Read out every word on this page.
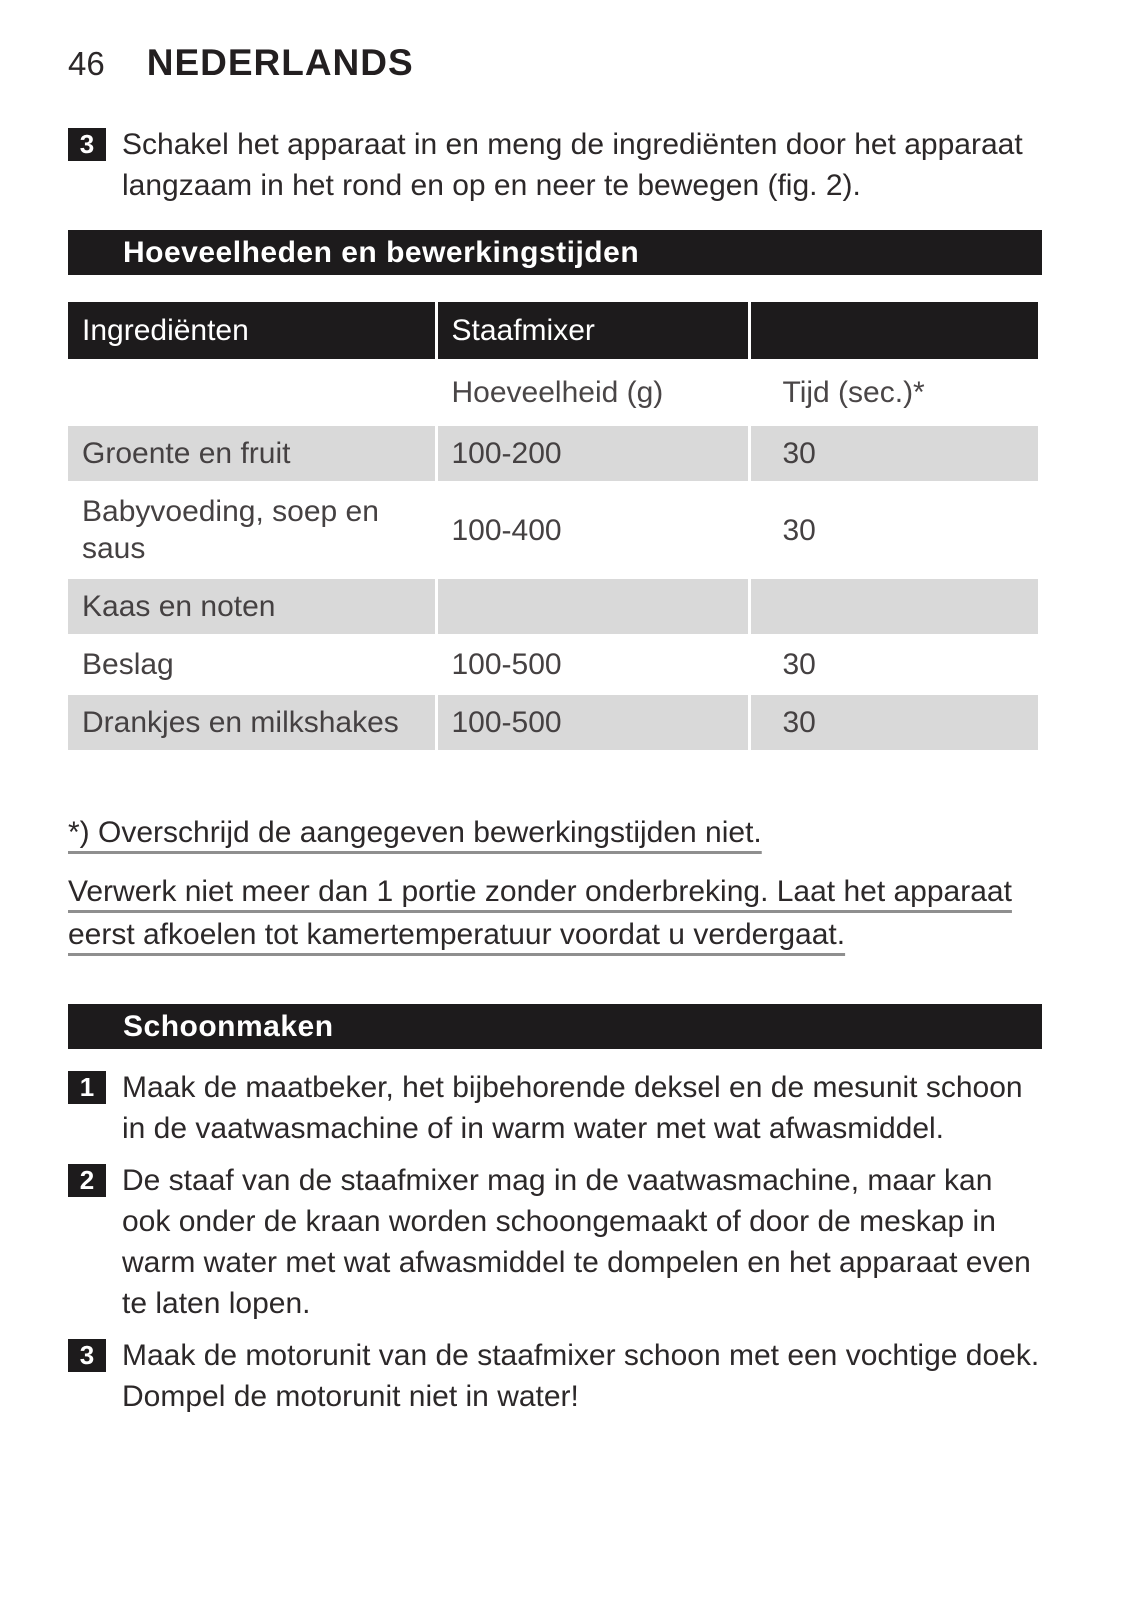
46 NEDERLANDS
3 Schakel het apparaat in en meng de ingrediënten door het apparaat langzaam in het rond en op en neer te bewegen (fig. 2).
Hoeveelheden en bewerkingstijden
Ingrediënten	Staafmixer	
	Hoeveelheid (g)	Tijd (sec.)*
Groente en fruit	100-200	30
Babyvoeding, soep en saus	100-400	30
Kaas en noten		
Beslag	100-500	30
Drankjes en milkshakes	100-500	30
*) Overschrijd de aangegeven bewerkingstijden niet.
Verwerk niet meer dan 1 portie zonder onderbreking. Laat het apparaat eerst afkoelen tot kamertemperatuur voordat u verdergaat.
Schoonmaken
1 Maak de maatbeker, het bijbehorende deksel en de mesunit schoon in de vaatwasmachine of in warm water met wat afwasmiddel.
2 De staaf van de staafmixer mag in de vaatwasmachine, maar kan ook onder de kraan worden schoongemaakt of door de meskap in warm water met wat afwasmiddel te dompelen en het apparaat even te laten lopen.
3 Maak de motorunit van de staafmixer schoon met een vochtige doek. Dompel de motorunit niet in water!
